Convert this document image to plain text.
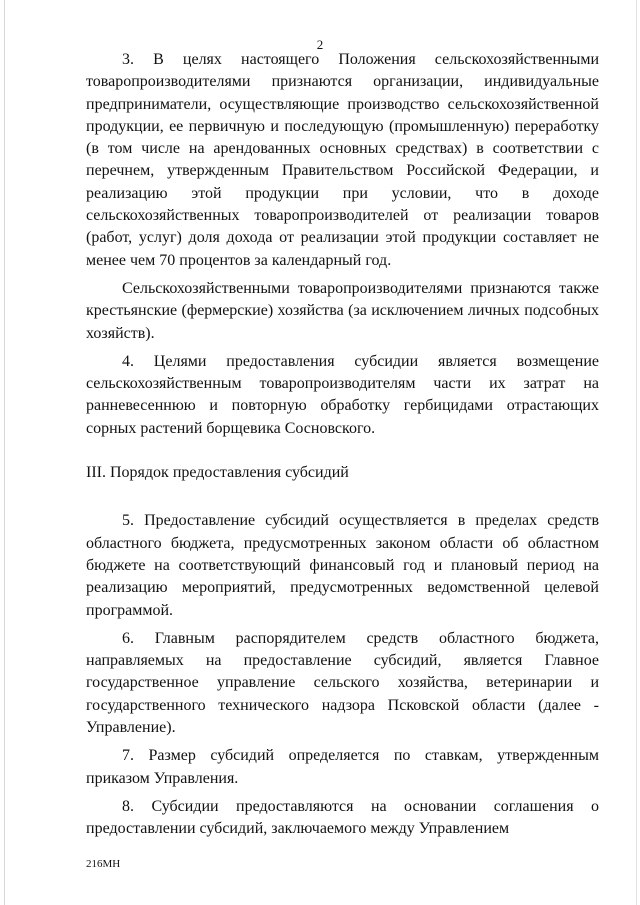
2

3. В целях настоящего Положения сельскохозяйственными товаропроизводителями признаются организации, индивидуальные предприниматели, осуществляющие производство сельскохозяйственной продукции, ее первичную и последующую (промышленную) переработку (в том числе на арендованных основных средствах) в соответствии с перечнем, утвержденным Правительством Российской Федерации, и реализацию этой продукции при условии, что в доходе сельскохозяйственных товаропроизводителей от реализации товаров (работ, услуг) доля дохода от реализации этой продукции составляет не менее чем 70 процентов за календарный год.

Сельскохозяйственными товаропроизводителями признаются также крестьянские (фермерские) хозяйства (за исключением личных подсобных хозяйств).

4. Целями предоставления субсидии является возмещение сельскохозяйственным товаропроизводителям части их затрат на ранневесеннюю и повторную обработку гербицидами отрастающих сорных растений борщевика Сосновского.

III. Порядок предоставления субсидий

5. Предоставление субсидий осуществляется в пределах средств областного бюджета, предусмотренных законом области об областном бюджете на соответствующий финансовый год и плановый период на реализацию мероприятий, предусмотренных ведомственной целевой программой.

6. Главным распорядителем средств областного бюджета, направляемых на предоставление субсидий, является Главное государственное управление сельского хозяйства, ветеринарии и государственного технического надзора Псковской области (далее - Управление).

7. Размер субсидий определяется по ставкам, утвержденным приказом Управления.

8. Субсидии предоставляются на основании соглашения о предоставлении субсидий, заключаемого между Управлением

216МН
